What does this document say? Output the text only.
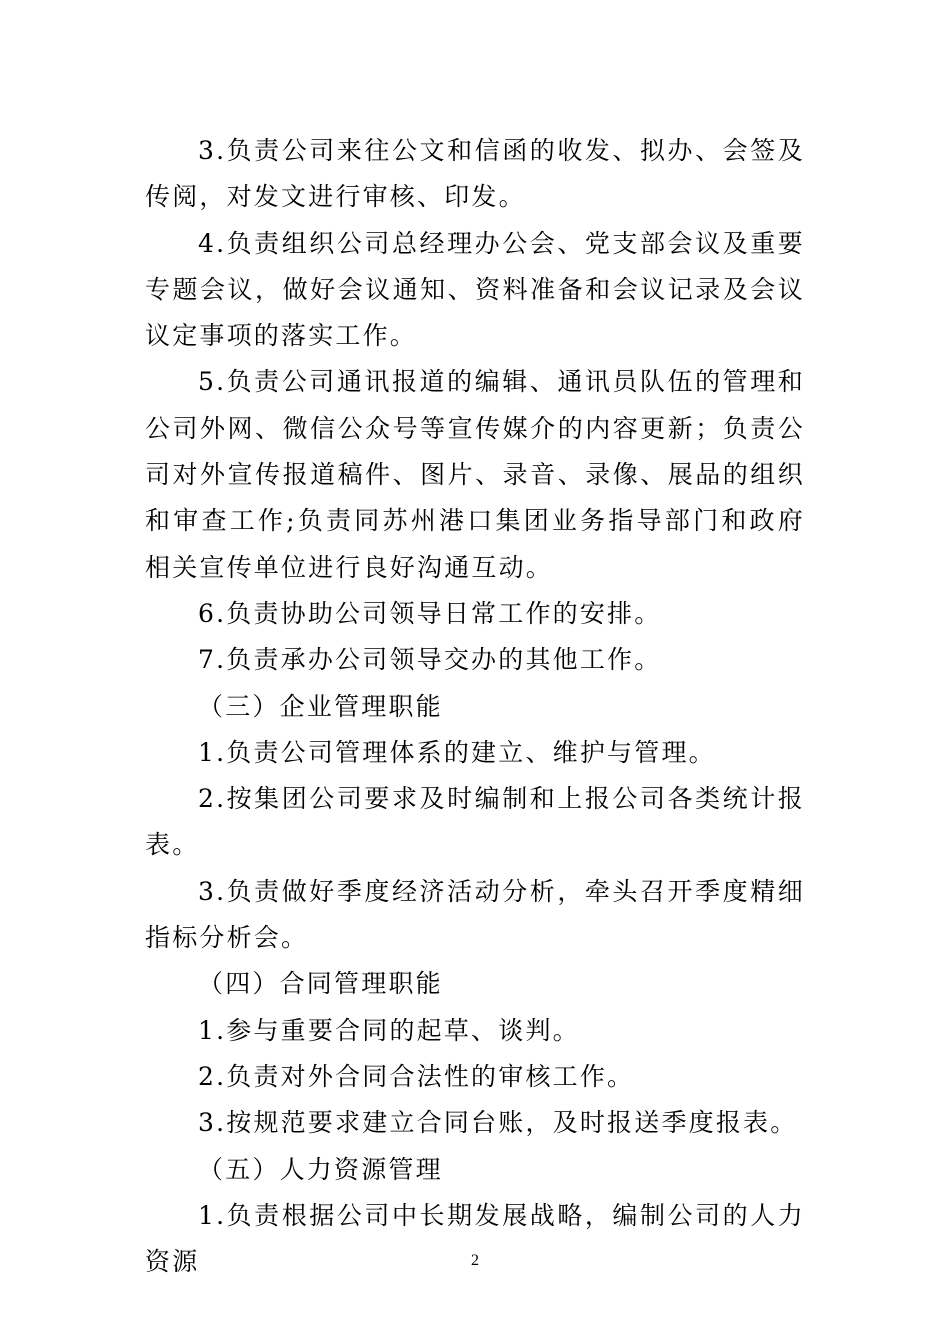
3.负责公司来往公文和信函的收发、拟办、会签及传阅，对发文进行审核、印发。

4.负责组织公司总经理办公会、党支部会议及重要专题会议，做好会议通知、资料准备和会议记录及会议议定事项的落实工作。

5.负责公司通讯报道的编辑、通讯员队伍的管理和公司外网、微信公众号等宣传媒介的内容更新；负责公司对外宣传报道稿件、图片、录音、录像、展品的组织和审查工作;负责同苏州港口集团业务指导部门和政府相关宣传单位进行良好沟通互动。

6.负责协助公司领导日常工作的安排。

7.负责承办公司领导交办的其他工作。

（三）企业管理职能

1.负责公司管理体系的建立、维护与管理。

2.按集团公司要求及时编制和上报公司各类统计报表。

3.负责做好季度经济活动分析，牵头召开季度精细指标分析会。

（四）合同管理职能

1.参与重要合同的起草、谈判。

2.负责对外合同合法性的审核工作。

3.按规范要求建立合同台账，及时报送季度报表。

（五）人力资源管理

1.负责根据公司中长期发展战略，编制公司的人力资源	2
